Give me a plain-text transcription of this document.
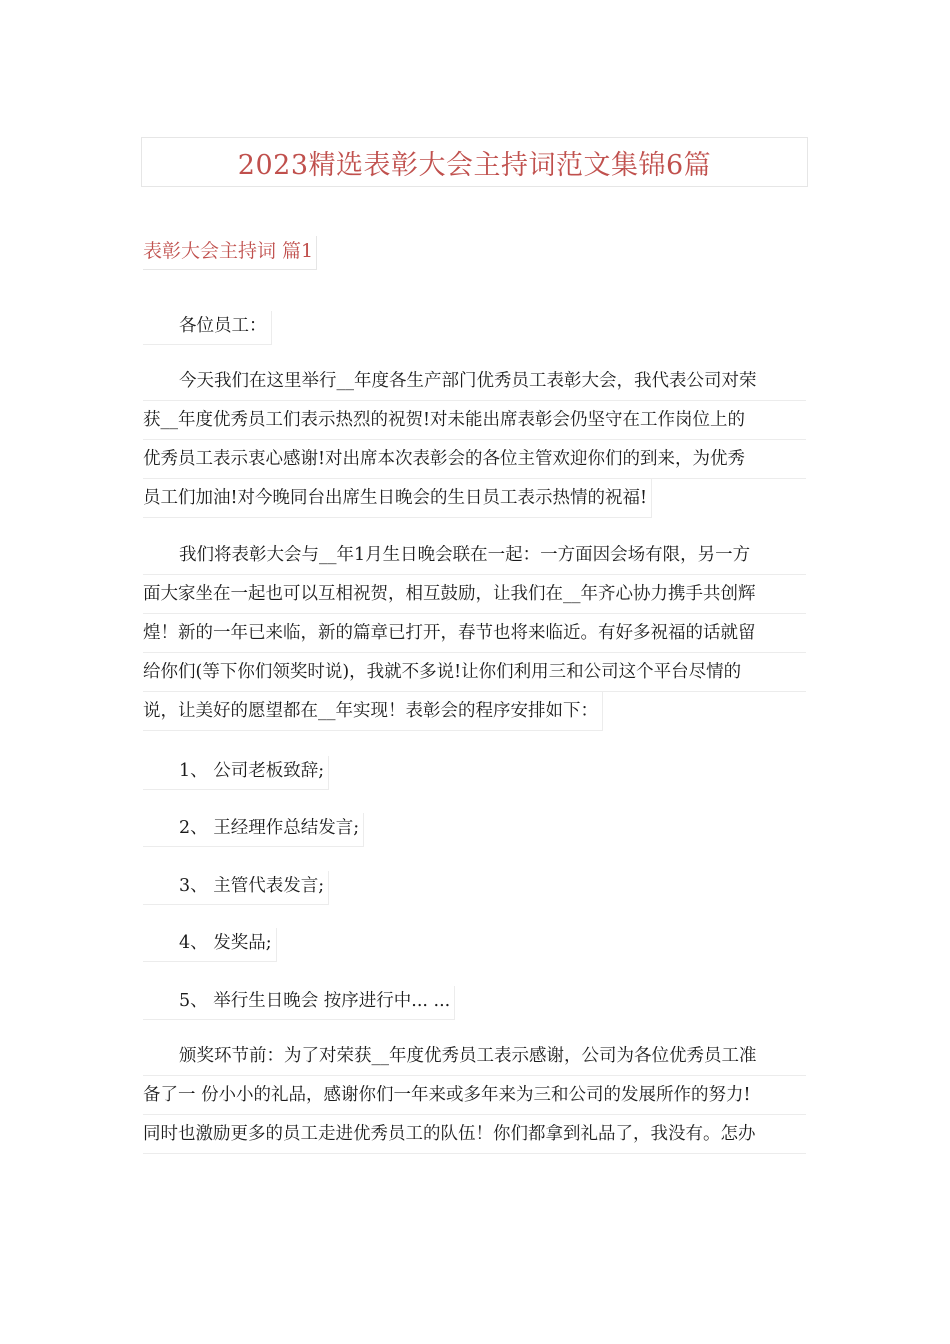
2023精选表彰大会主持词范文集锦6篇
表彰大会主持词 篇1
各位员工：
今天我们在这里举行__年度各生产部门优秀员工表彰大会，我代表公司对荣
获__年度优秀员工们表示热烈的祝贺!对未能出席表彰会仍坚守在工作岗位上的
优秀员工表示衷心感谢!对出席本次表彰会的各位主管欢迎你们的到来，为优秀
员工们加油!对今晚同台出席生日晚会的生日员工表示热情的祝福!
我们将表彰大会与__年1月生日晚会联在一起：一方面因会场有限，另一方
面大家坐在一起也可以互相祝贺，相互鼓励，让我们在__年齐心协力携手共创辉
煌！新的一年已来临，新的篇章已打开，春节也将来临近。有好多祝福的话就留
给你们(等下你们领奖时说)，我就不多说!让你们利用三和公司这个平台尽情的
说，让美好的愿望都在__年实现！表彰会的程序安排如下：
1、 公司老板致辞;
2、 王经理作总结发言;
3、 主管代表发言;
4、 发奖品;
5、 举行生日晚会 按序进行中... ...
颁奖环节前：为了对荣获__年度优秀员工表示感谢，公司为各位优秀员工准
备了一 份小小的礼品，感谢你们一年来或多年来为三和公司的发展所作的努力!
同时也激励更多的员工走进优秀员工的队伍！你们都拿到礼品了，我没有。怎办
